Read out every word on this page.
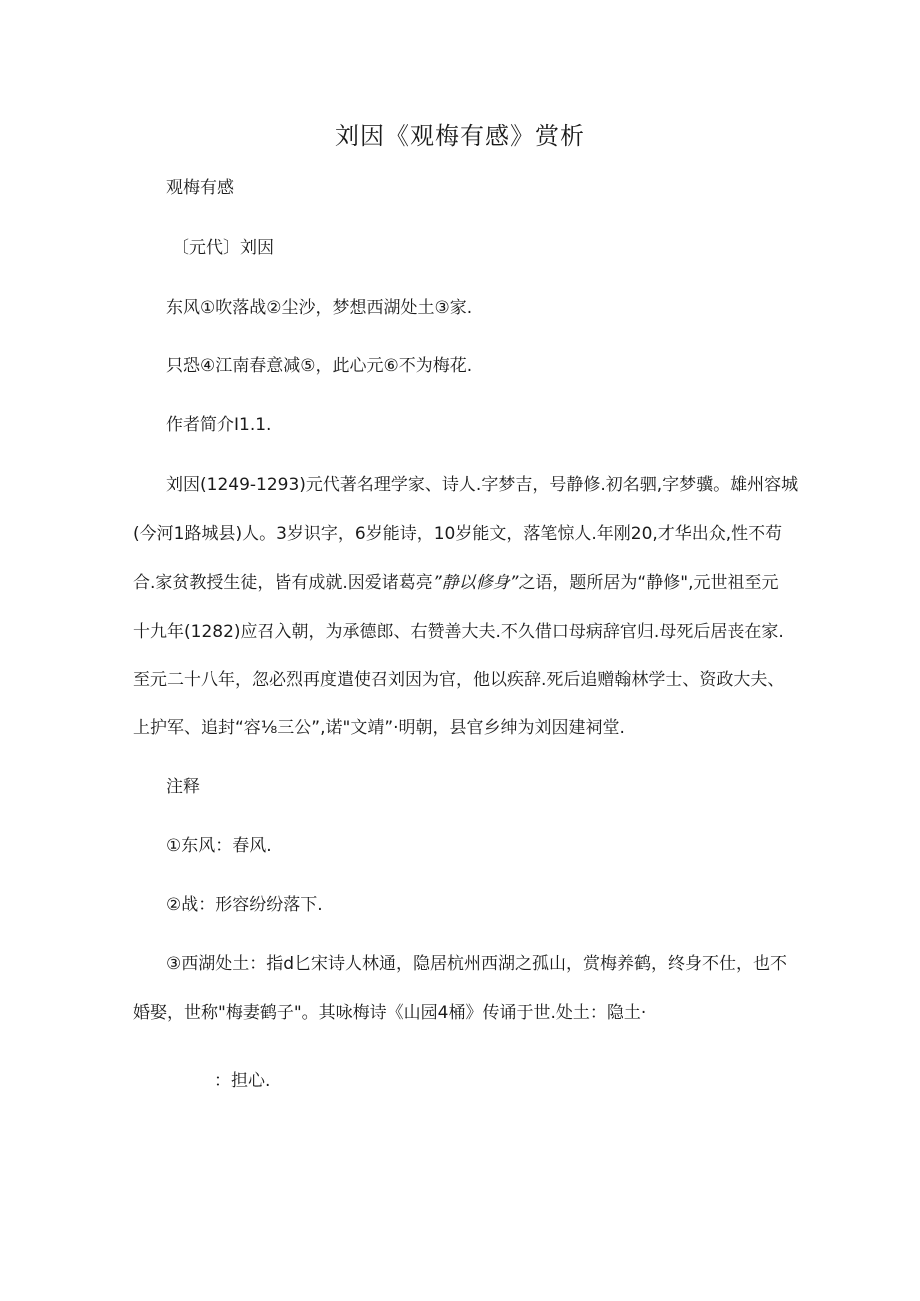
刘因《观梅有感》赏析
观梅有感
〔元代〕刘因
东风①吹落战②尘沙，梦想西湖处土③家.
只恐④江南春意减⑤，此心元⑥不为梅花.
作者简介I1.1.
刘因(1249-1293)元代著名理学家、诗人.字梦吉，号静修.初名驷,字梦骥。雄州容城
(今河1路城县)人。3岁识字，6岁能诗，10岁能文，落笔惊人.年刚20,才华出众,性不苟
合.家贫教授生徒，皆有成就.因爱诸葛亮”静以修身”之语，题所居为“静修",元世祖至元
十九年(1282)应召入朝，为承德郎、右赞善大夫.不久借口母病辞官归.母死后居丧在家.
至元二十八年，忽必烈再度遣使召刘因为官，他以疾辞.死后追赠翰林学士、资政大夫、
上护军、追封“容⅛三公”,诺"文靖”·明朝，县官乡绅为刘因建祠堂.
注释
①东风：春风.
②战：形容纷纷落下.
③西湖处土：指d匕宋诗人林通，隐居杭州西湖之孤山，赏梅养鹤，终身不仕，也不
婚娶，世称"梅妻鹤子"。其咏梅诗《山园4桶》传诵于世.处土：隐土·
：担心.
